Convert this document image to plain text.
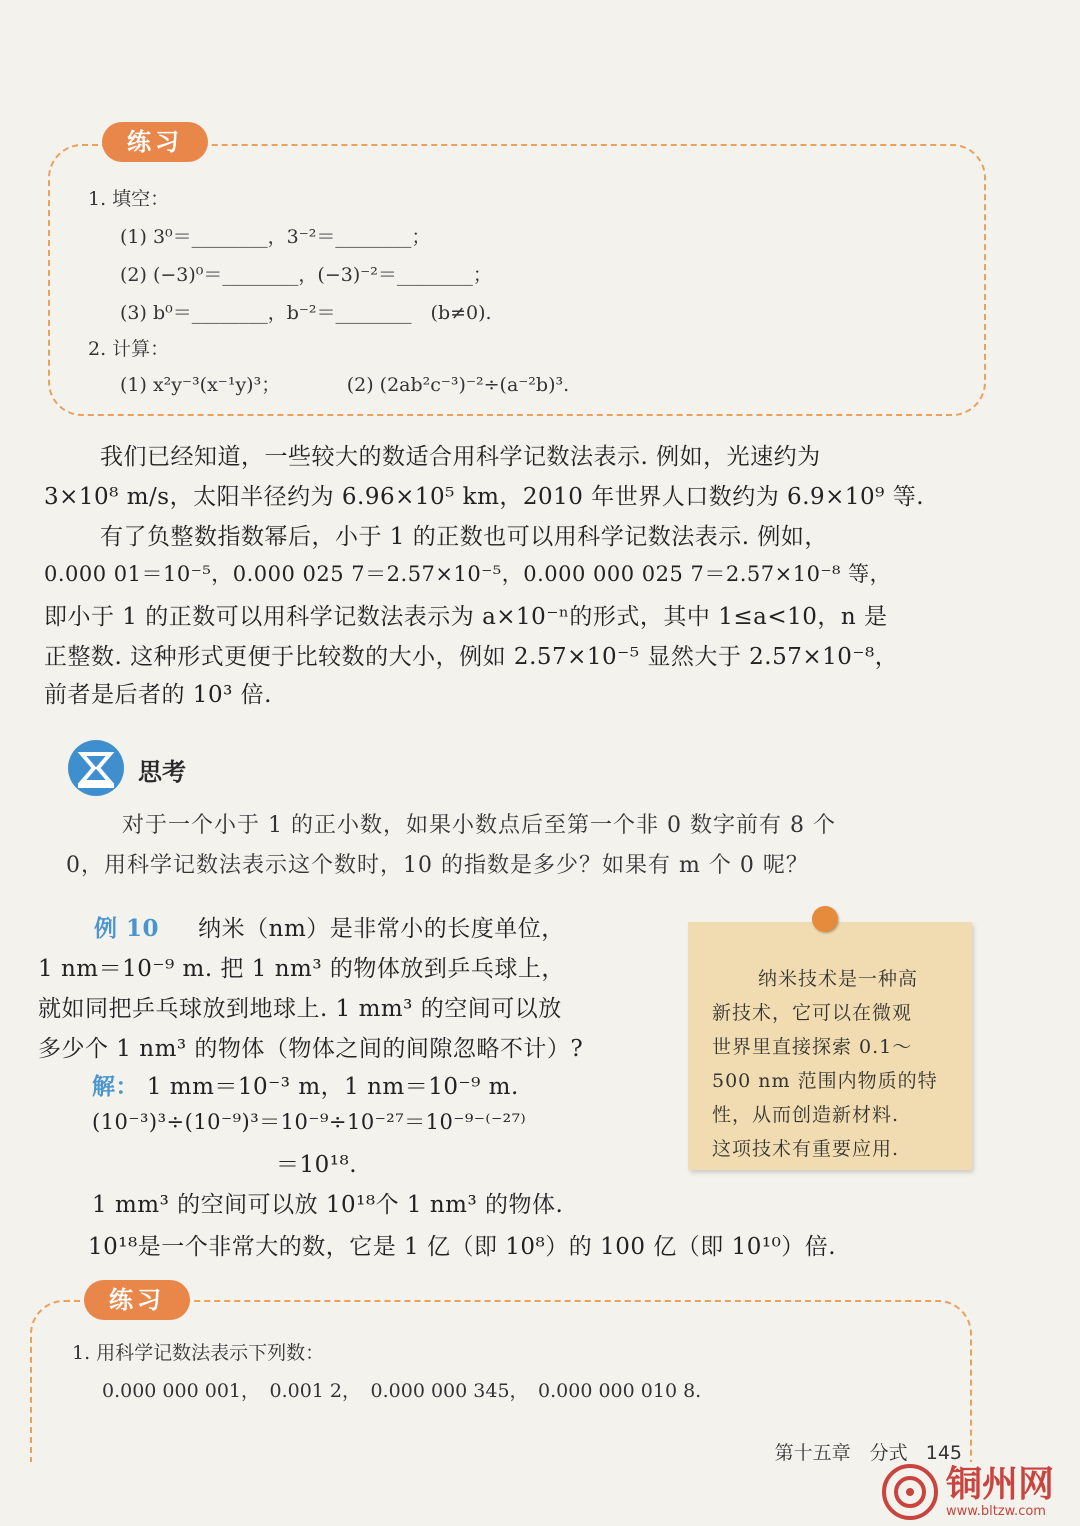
练习
1. 填空：
(1) 3⁰＝________，3⁻²＝________；
(2) (−3)⁰＝________，(−3)⁻²＝________；
(3) b⁰＝________，b⁻²＝________　(b≠0).
2. 计算：
(1) x²y⁻³(x⁻¹y)³；　　　　(2) (2ab²c⁻³)⁻²÷(a⁻²b)³.
我们已经知道，一些较大的数适合用科学记数法表示. 例如，光速约为
3×10⁸ m/s，太阳半径约为 6.96×10⁵ km，2010 年世界人口数约为 6.9×10⁹ 等.
有了负整数指数幂后，小于 1 的正数也可以用科学记数法表示. 例如，
0.000 01＝10⁻⁵，0.000 025 7＝2.57×10⁻⁵，0.000 000 025 7＝2.57×10⁻⁸ 等，
即小于 1 的正数可以用科学记数法表示为 a×10⁻ⁿ的形式，其中 1≤a<10，n 是
正整数. 这种形式更便于比较数的大小，例如 2.57×10⁻⁵ 显然大于 2.57×10⁻⁸，
前者是后者的 10³ 倍.
思考
对于一个小于 1 的正小数，如果小数点后至第一个非 0 数字前有 8 个
0，用科学记数法表示这个数时，10 的指数是多少？如果有 m 个 0 呢？
例 10 　 纳米（nm）是非常小的长度单位，
1 nm＝10⁻⁹ m. 把 1 nm³ 的物体放到乒乓球上，
就如同把乒乓球放到地球上. 1 mm³ 的空间可以放
多少个 1 nm³ 的物体（物体之间的间隙忽略不计）?
解： 1 mm＝10⁻³ m，1 nm＝10⁻⁹ m.
(10⁻³)³÷(10⁻⁹)³＝10⁻⁹÷10⁻²⁷＝10⁻⁹⁻⁽⁻²⁷⁾
＝10¹⁸.
1 mm³ 的空间可以放 10¹⁸个 1 nm³ 的物体.
10¹⁸是一个非常大的数，它是 1 亿（即 10⁸）的 100 亿（即 10¹⁰）倍.
纳米技术是一种高
新技术，它可以在微观
世界里直接探索 0.1～
500 nm 范围内物质的特
性，从而创造新材料.
这项技术有重要应用.
练习
1. 用科学记数法表示下列数：
0.000 000 001，　0.001 2，　0.000 000 345，　0.000 000 010 8.
第十五章　分式 145
铜州网
www.bltzw.com
